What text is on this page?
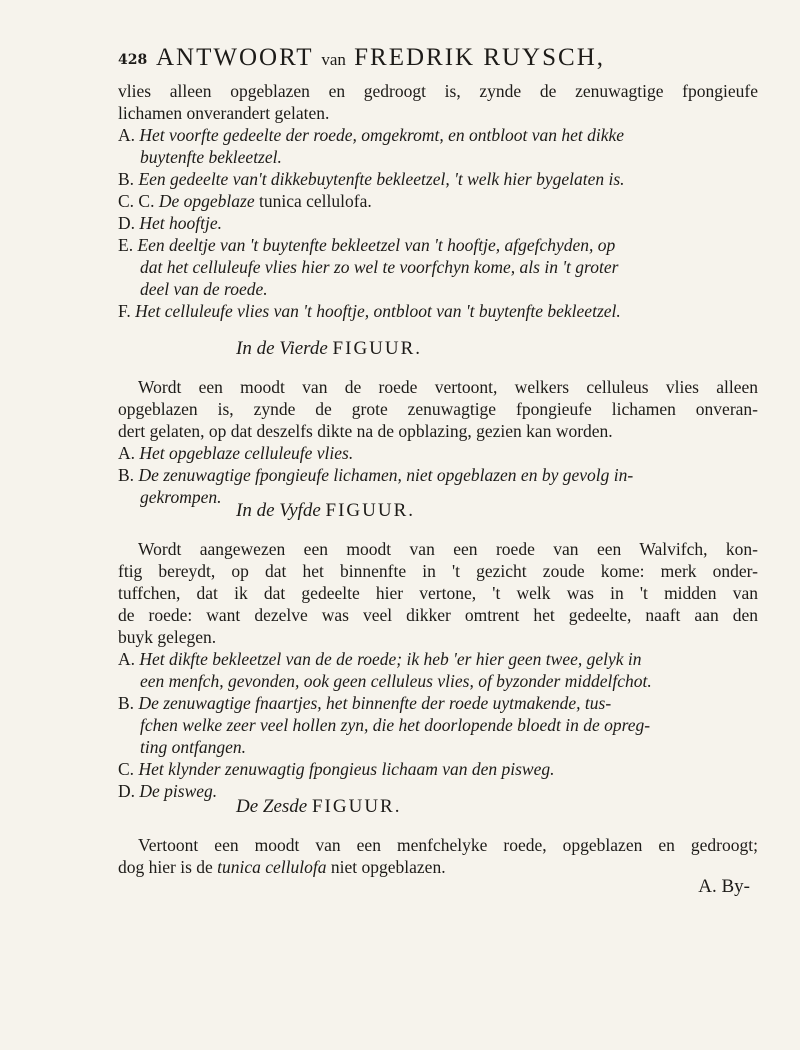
428 ANTWOORT van FREDRIK RUYSCH,
vlies alleen opgeblazen en gedroogt is, zynde de zenuwagtige fpongieufe
lichamen onverandert gelaten.
A. Het voorfte gedeelte der roede, omgekromt, en ontbloot van het dikke
buytenfte bekleetzel.
B. Een gedeelte van't dikkebuytenfte bekleetzel, 't welk hier bygelaten is.
C. C. De opgeblaze tunica cellulofa.
D. Het hooftje.
E. Een deeltje van 't buytenfte bekleetzel van 't hooftje, afgefchyden, op
dat het celluleufe vlies hier zo wel te voorfchyn kome, als in 't groter
deel van de roede.
F. Het celluleufe vlies van 't hooftje, ontbloot van 't buytenfte bekleetzel.
In de Vierde FIGUUR.
Wordt een moodt van de roede vertoont, welkers celluleus vlies alleen
opgeblazen is, zynde de grote zenuwagtige fpongieufe lichamen onveran-
dert gelaten, op dat deszelfs dikte na de opblazing, gezien kan worden.
A. Het opgeblaze celluleufe vlies.
B. De zenuwagtige fpongieufe lichamen, niet opgeblazen en by gevolg in-
gekrompen.
In de Vyfde FIGUUR.
Wordt aangewezen een moodt van een roede van een Walvifch, kon-
ftig bereydt, op dat het binnenfte in 't gezicht zoude kome: merk onder-
tuffchen, dat ik dat gedeelte hier vertone, 't welk was in 't midden van
de roede: want dezelve was veel dikker omtrent het gedeelte, naaft aan den
buyk gelegen.
A. Het dikfte bekleetzel van de de roede; ik heb 'er hier geen twee, gelyk in
een menfch, gevonden, ook geen celluleus vlies, of byzonder middelfchot.
B. De zenuwagtige fnaartjes, het binnenfte der roede uytmakende, tus-
fchen welke zeer veel hollen zyn, die het doorlopende bloedt in de opreg-
ting ontfangen.
C. Het klynder zenuwagtig fpongieus lichaam van den pisweg.
D. De pisweg.
De Zesde FIGUUR.
Vertoont een moodt van een menfchelyke roede, opgeblazen en gedroogt;
dog hier is de tunica cellulofa niet opgeblazen.
A. By-
